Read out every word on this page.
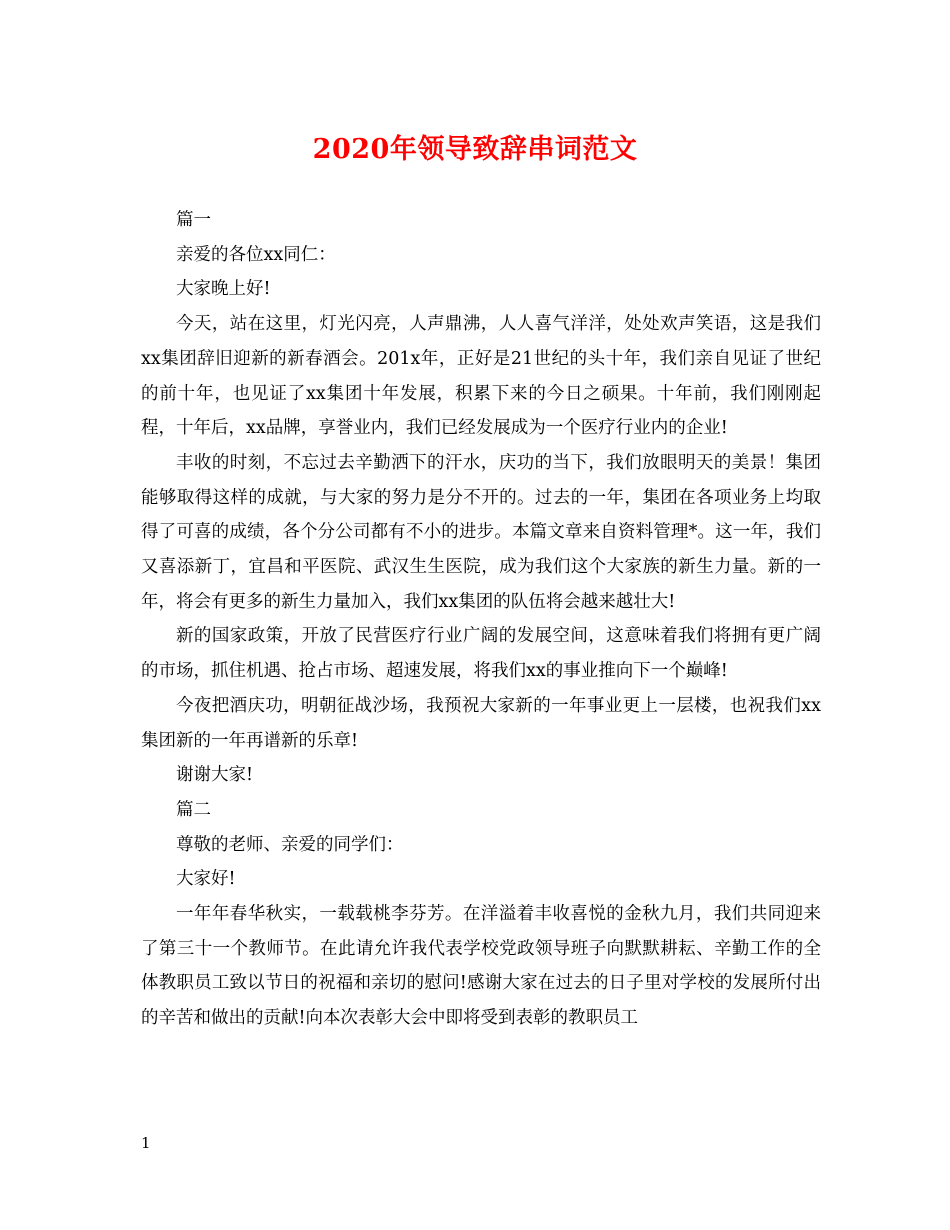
2020年领导致辞串词范文

篇一

亲爱的各位xx同仁：

大家晚上好!

今天，站在这里，灯光闪亮，人声鼎沸，人人喜气洋洋，处处欢声笑语，这是我们xx集团辞旧迎新的新春酒会。201x年，正好是21世纪的头十年，我们亲自见证了世纪的前十年，也见证了xx集团十年发展，积累下来的今日之硕果。十年前，我们刚刚起程，十年后，xx品牌，享誉业内，我们已经发展成为一个医疗行业内的企业!

丰收的时刻，不忘过去辛勤洒下的汗水，庆功的当下，我们放眼明天的美景！集团能够取得这样的成就，与大家的努力是分不开的。过去的一年，集团在各项业务上均取得了可喜的成绩，各个分公司都有不小的进步。本篇文章来自资料管理*。这一年，我们又喜添新丁，宜昌和平医院、武汉生生医院，成为我们这个大家族的新生力量。新的一年，将会有更多的新生力量加入，我们xx集团的队伍将会越来越壮大!

新的国家政策，开放了民营医疗行业广阔的发展空间，这意味着我们将拥有更广阔的市场，抓住机遇、抢占市场、超速发展，将我们xx的事业推向下一个巅峰!

今夜把酒庆功，明朝征战沙场，我预祝大家新的一年事业更上一层楼，也祝我们xx集团新的一年再谱新的乐章!

谢谢大家!

篇二

尊敬的老师、亲爱的同学们：

大家好!

一年年春华秋实，一载载桃李芬芳。在洋溢着丰收喜悦的金秋九月，我们共同迎来了第三十一个教师节。在此请允许我代表学校党政领导班子向默默耕耘、辛勤工作的全体教职员工致以节日的祝福和亲切的慰问!感谢大家在过去的日子里对学校的发展所付出的辛苦和做出的贡献!向本次表彰大会中即将受到表彰的教职员工

1
